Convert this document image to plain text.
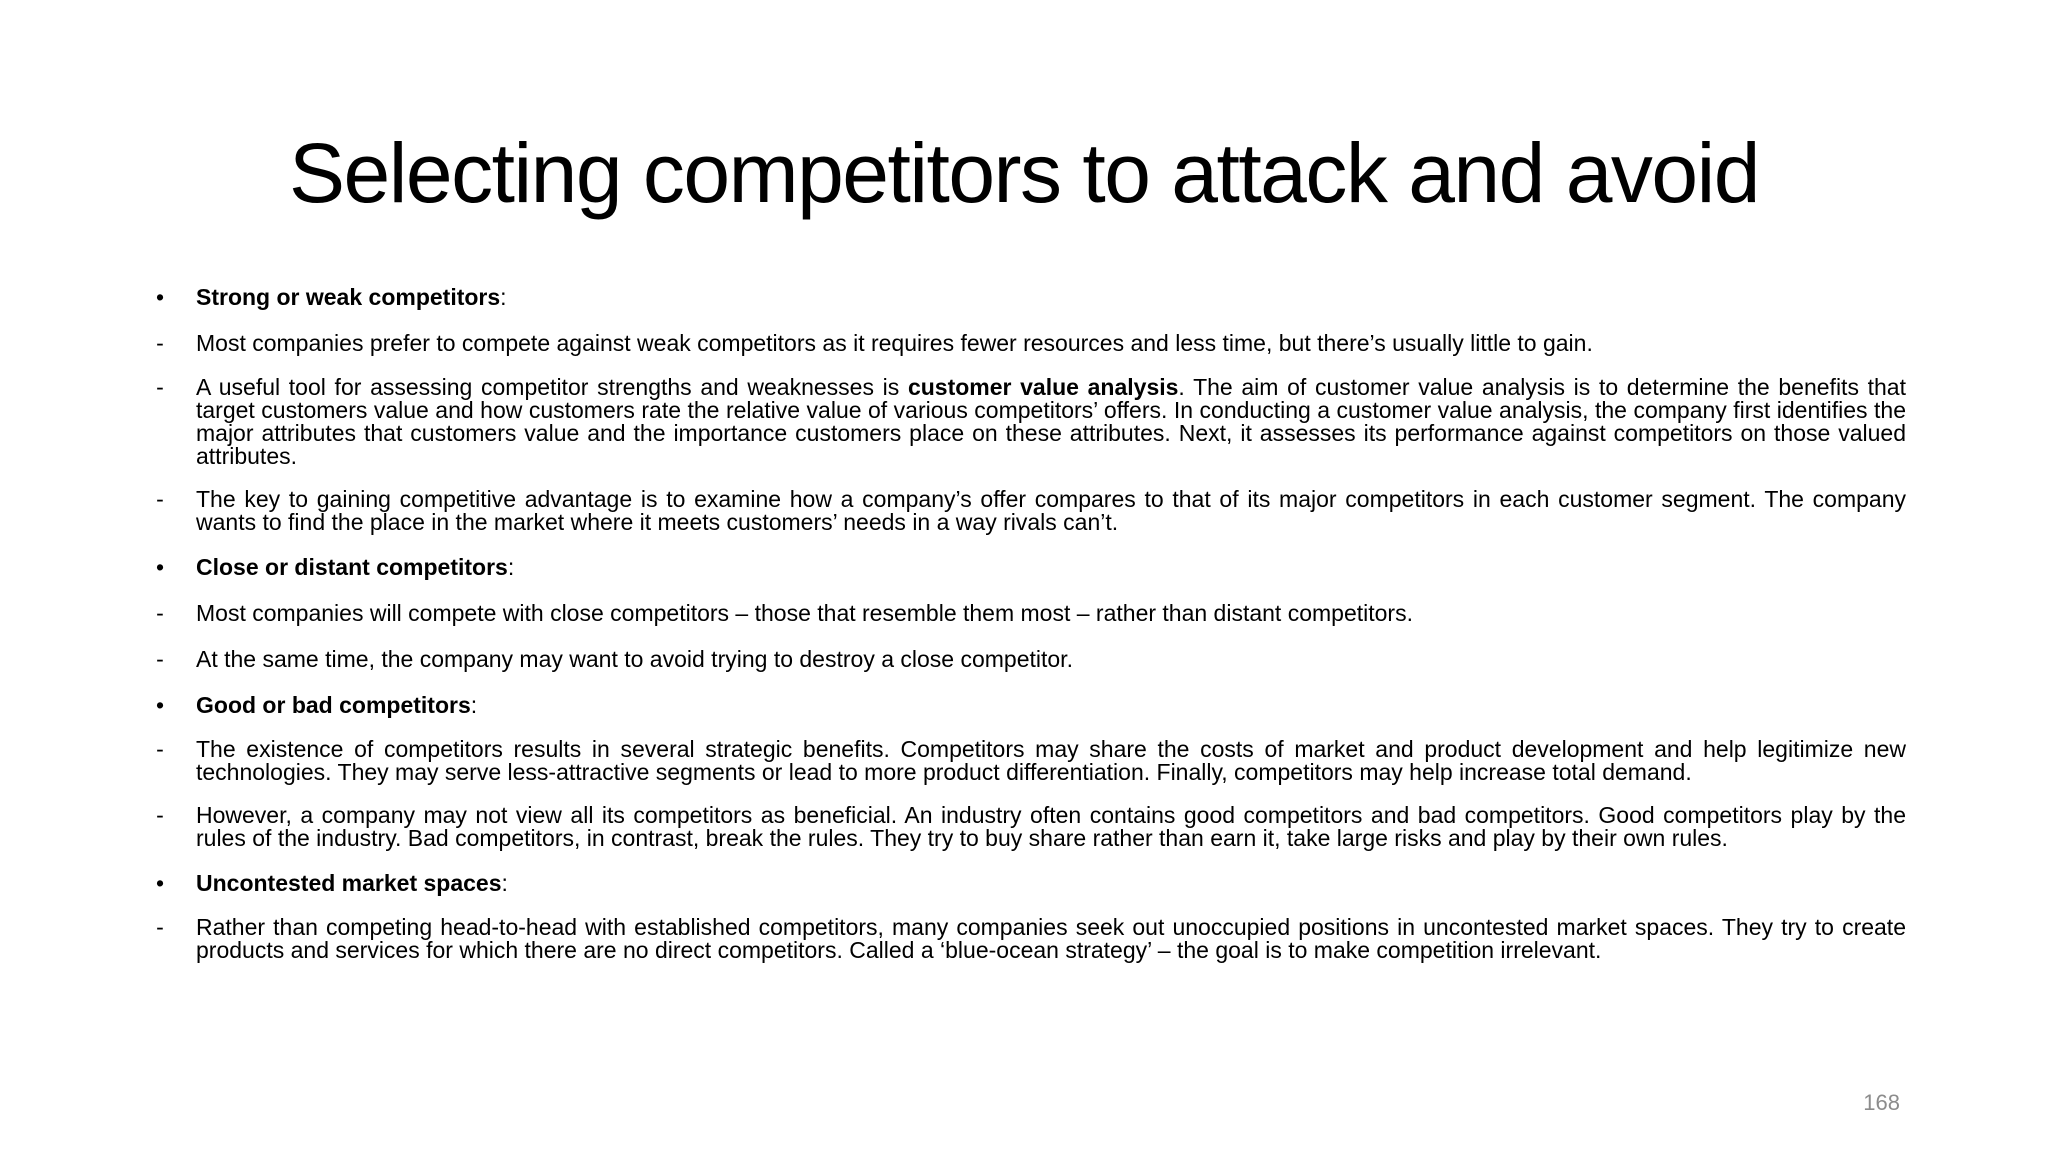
Selecting competitors to attack and avoid
• Strong or weak competitors:
- Most companies prefer to compete against weak competitors as it requires fewer resources and less time, but there’s usually little to gain.
- A useful tool for assessing competitor strengths and weaknesses is customer value analysis. The aim of customer value analysis is to determine the benefits that target customers value and how customers rate the relative value of various competitors’ offers. In conducting a customer value analysis, the company first identifies the major attributes that customers value and the importance customers place on these attributes. Next, it assesses its performance against competitors on those valued attributes.
- The key to gaining competitive advantage is to examine how a company’s offer compares to that of its major competitors in each customer segment. The company wants to find the place in the market where it meets customers’ needs in a way rivals can’t.
• Close or distant competitors:
- Most companies will compete with close competitors – those that resemble them most – rather than distant competitors.
- At the same time, the company may want to avoid trying to destroy a close competitor.
• Good or bad competitors:
- The existence of competitors results in several strategic benefits. Competitors may share the costs of market and product development and help legitimize new technologies. They may serve less-attractive segments or lead to more product differentiation. Finally, competitors may help increase total demand.
- However, a company may not view all its competitors as beneficial. An industry often contains good competitors and bad competitors. Good competitors play by the rules of the industry. Bad competitors, in contrast, break the rules. They try to buy share rather than earn it, take large risks and play by their own rules.
• Uncontested market spaces:
- Rather than competing head-to-head with established competitors, many companies seek out unoccupied positions in uncontested market spaces. They try to create products and services for which there are no direct competitors. Called a ‘blue-ocean strategy’ – the goal is to make competition irrelevant.
168
